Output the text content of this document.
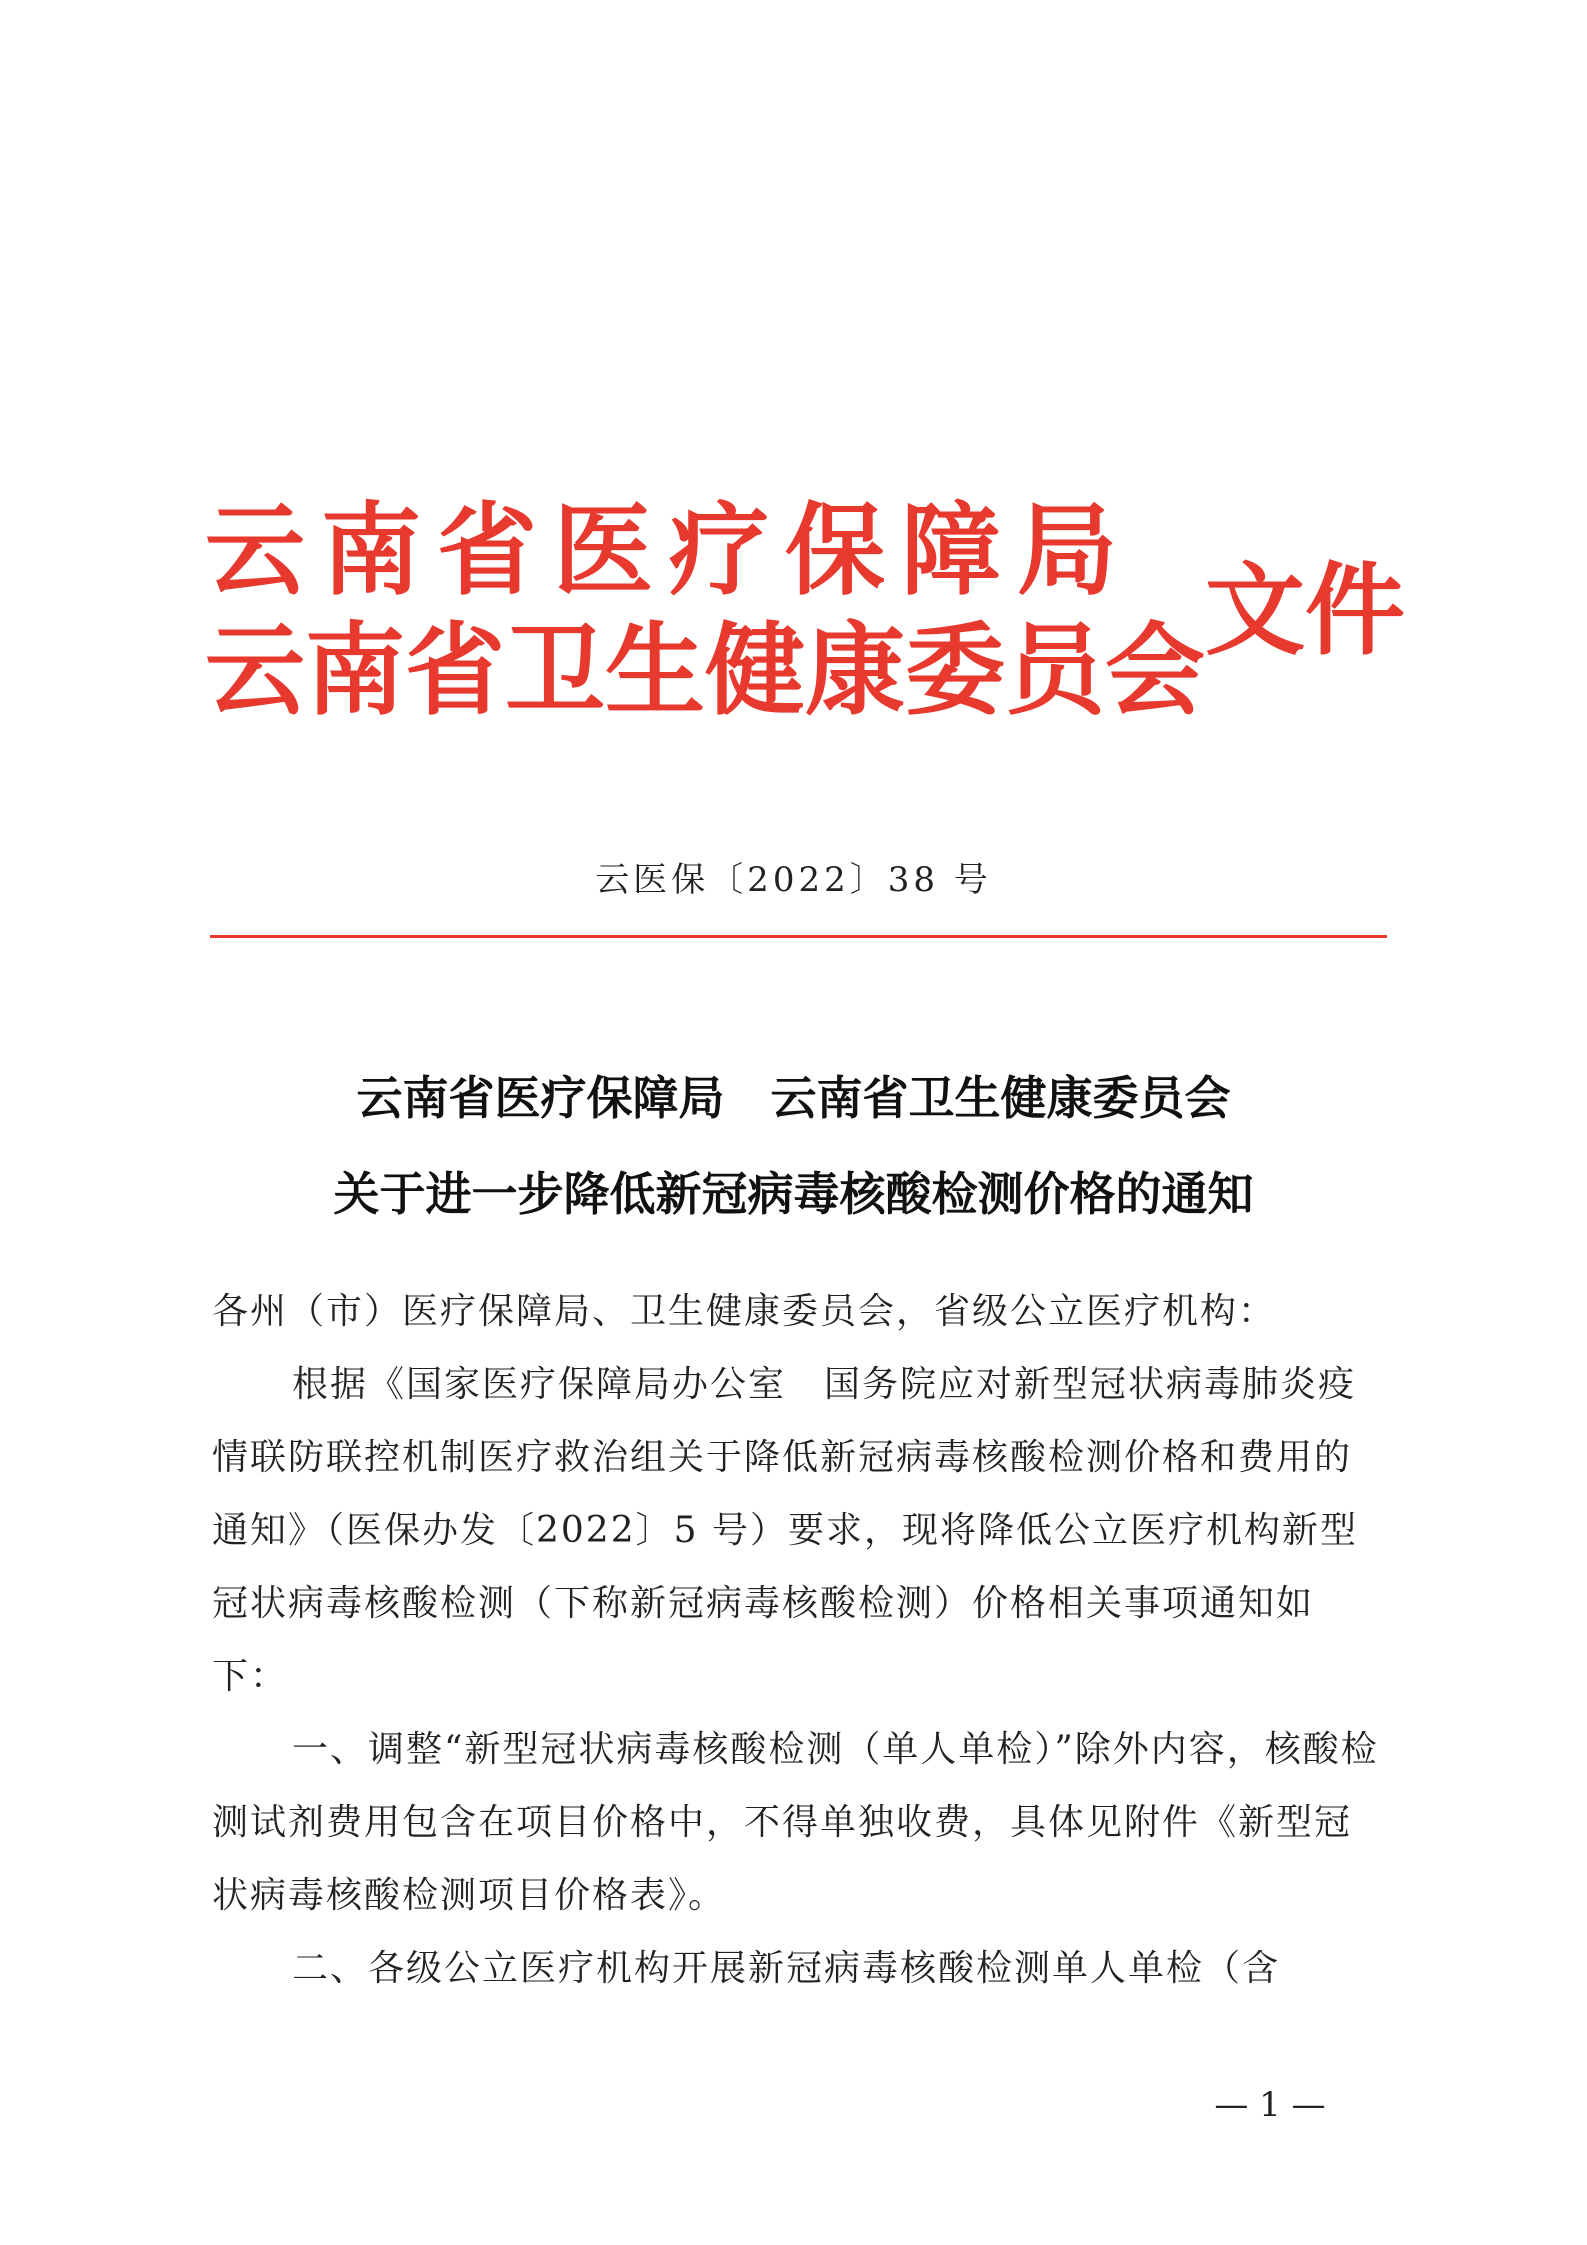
云南省医疗保障局
云南省卫生健康委员会
文件
云医保〔2022〕38 号
云南省医疗保障局　云南省卫生健康委员会
关于进一步降低新冠病毒核酸检测价格的通知
各州（市）医疗保障局、卫生健康委员会，省级公立医疗机构：
根据《国家医疗保障局办公室　国务院应对新型冠状病毒肺炎疫情联防联控机制医疗救治组关于降低新冠病毒核酸检测价格和费用的通知》（医保办发〔2022〕5 号）要求，现将降低公立医疗机构新型冠状病毒核酸检测（下称新冠病毒核酸检测）价格相关事项通知如下：
一、调整“新型冠状病毒核酸检测（单人单检）”除外内容，核酸检测试剂费用包含在项目价格中，不得单独收费，具体见附件《新型冠状病毒核酸检测项目价格表》。
二、各级公立医疗机构开展新冠病毒核酸检测单人单检（含
— 1 —
